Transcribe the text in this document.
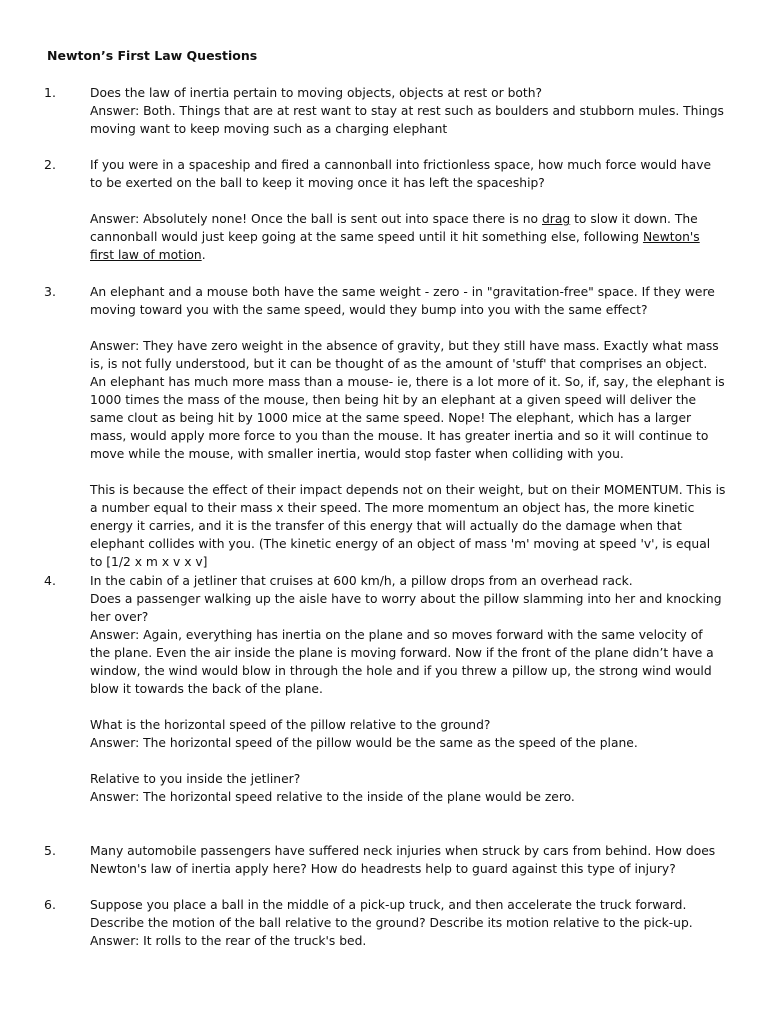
Newton’s First Law Questions
1.	Does the law of inertia pertain to moving objects, objects at rest or both?

Answer: Both. Things that are at rest want to stay at rest such as boulders and stubborn mules. Things moving want to keep moving such as a charging elephant

2.	If you were in a spaceship and fired a cannonball into frictionless space, how much force would have to be exerted on the ball to keep it moving once it has left the spaceship?

Answer: Absolutely none! Once the ball is sent out into space there is no drag to slow it down. The cannonball would just keep going at the same speed until it hit something else, following Newton's first law of motion.

3.	An elephant and a mouse both have the same weight - zero - in "gravitation-free" space. If they were moving toward you with the same speed, would they bump into you with the same effect?

Answer: They have zero weight in the absence of gravity, but they still have mass. Exactly what mass is, is not fully understood, but it can be thought of as the amount of 'stuff' that comprises an object. An elephant has much more mass than a mouse- ie, there is a lot more of it. So, if, say, the elephant is 1000 times the mass of the mouse, then being hit by an elephant at a given speed will deliver the same clout as being hit by 1000 mice at the same speed. Nope! The elephant, which has a larger mass, would apply more force to you than the mouse. It has greater inertia and so it will continue to move while the mouse, with smaller inertia, would stop faster when colliding with you.

This is because the effect of their impact depends not on their weight, but on their MOMENTUM. This is a number equal to their mass x their speed. The more momentum an object has, the more kinetic energy it carries, and it is the transfer of this energy that will actually do the damage when that elephant collides with you. (The kinetic energy of an object of mass 'm' moving at speed 'v', is equal to [1/2 x m x v x v]

4.	In the cabin of a jetliner that cruises at 600 km/h, a pillow drops from an overhead rack.

Does a passenger walking up the aisle have to worry about the pillow slamming into her and knocking her over?

Answer: Again, everything has inertia on the plane and so moves forward with the same velocity of the plane. Even the air inside the plane is moving forward. Now if the front of the plane didn’t have a window, the wind would blow in through the hole and if you threw a pillow up, the strong wind would blow it towards the back of the plane.

What is the horizontal speed of the pillow relative to the ground?

Answer: The horizontal speed of the pillow would be the same as the speed of the plane.

Relative to you inside the jetliner?

Answer: The horizontal speed relative to the inside of the plane would be zero.

5.	Many automobile passengers have suffered neck injuries when struck by cars from behind. How does Newton's law of inertia apply here? How do headrests help to guard against this type of injury?

6.	Suppose you place a ball in the middle of a pick-up truck, and then accelerate the truck forward. Describe the motion of the ball relative to the ground? Describe its motion relative to the pick-up.

Answer: It rolls to the rear of the truck's bed.
